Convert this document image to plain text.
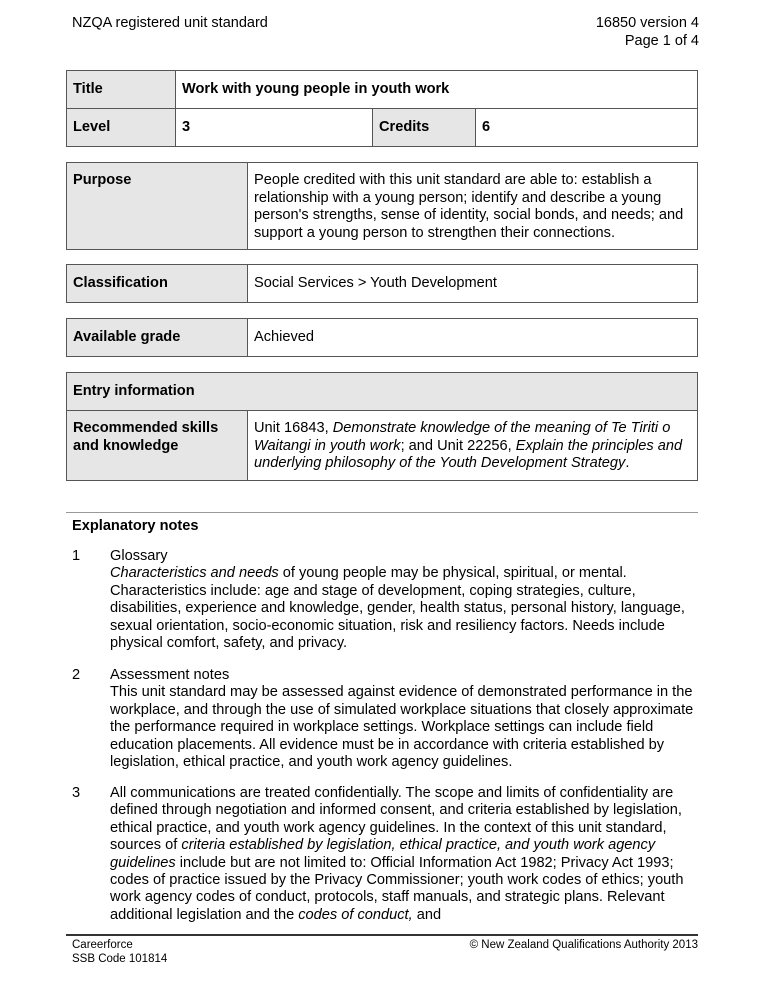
NZQA registered unit standard	16850 version 4
Page 1 of 4
Title	Work with young people in youth work		
Level	3	Credits	6
Purpose	People credited with this unit standard are able to: establish a relationship with a young person; identify and describe a young person's strengths, sense of identity, social bonds, and needs; and support a young person to strengthen their connections.
Classification	Social Services > Youth Development
Available grade	Achieved
Entry information
Recommended skills and knowledge	Unit 16843, Demonstrate knowledge of the meaning of Te Tiriti o Waitangi in youth work; and Unit 22256, Explain the principles and underlying philosophy of the Youth Development Strategy.
Explanatory notes
1 Glossary
Characteristics and needs of young people may be physical, spiritual, or mental. Characteristics include: age and stage of development, coping strategies, culture, disabilities, experience and knowledge, gender, health status, personal history, language, sexual orientation, socio-economic situation, risk and resiliency factors. Needs include physical comfort, safety, and privacy.
2 Assessment notes
This unit standard may be assessed against evidence of demonstrated performance in the workplace, and through the use of simulated workplace situations that closely approximate the performance required in workplace settings. Workplace settings can include field education placements. All evidence must be in accordance with criteria established by legislation, ethical practice, and youth work agency guidelines.
3 All communications are treated confidentially. The scope and limits of confidentiality are defined through negotiation and informed consent, and criteria established by legislation, ethical practice, and youth work agency guidelines. In the context of this unit standard, sources of criteria established by legislation, ethical practice, and youth work agency guidelines include but are not limited to: Official Information Act 1982; Privacy Act 1993; codes of practice issued by the Privacy Commissioner; youth work codes of ethics; youth work agency codes of conduct, protocols, staff manuals, and strategic plans. Relevant additional legislation and the codes of conduct, and
Careerforce
SSB Code 101814
© New Zealand Qualifications Authority 2013
